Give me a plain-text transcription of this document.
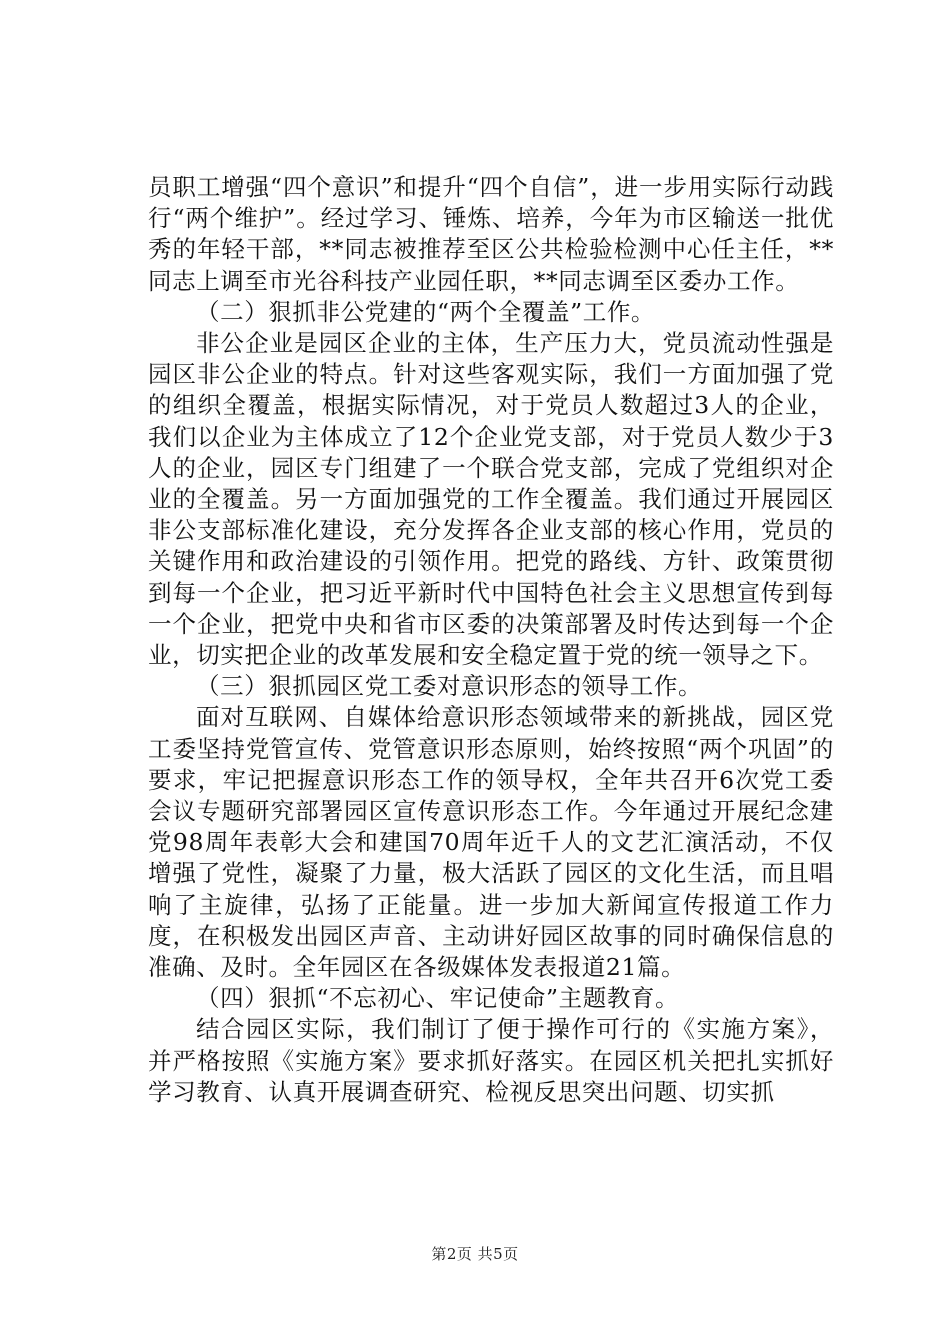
员职工增强“四个意识”和提升“四个自信”，进一步用实际行动践行“两个维护”。经过学习、锤炼、培养，今年为市区输送一批优秀的年轻干部，**同志被推荐至区公共检验检测中心任主任，**同志上调至市光谷科技产业园任职，**同志调至区委办工作。

（二）狠抓非公党建的“两个全覆盖”工作。

非公企业是园区企业的主体，生产压力大，党员流动性强是园区非公企业的特点。针对这些客观实际，我们一方面加强了党的组织全覆盖，根据实际情况，对于党员人数超过3人的企业，我们以企业为主体成立了12个企业党支部，对于党员人数少于3人的企业，园区专门组建了一个联合党支部，完成了党组织对企业的全覆盖。另一方面加强党的工作全覆盖。我们通过开展园区非公支部标准化建设，充分发挥各企业支部的核心作用，党员的关键作用和政治建设的引领作用。把党的路线、方针、政策贯彻到每一个企业，把习近平新时代中国特色社会主义思想宣传到每一个企业，把党中央和省市区委的决策部署及时传达到每一个企业，切实把企业的改革发展和安全稳定置于党的统一领导之下。

（三）狠抓园区党工委对意识形态的领导工作。

面对互联网、自媒体给意识形态领域带来的新挑战，园区党工委坚持党管宣传、党管意识形态原则，始终按照“两个巩固”的要求，牢记把握意识形态工作的领导权，全年共召开6次党工委会议专题研究部署园区宣传意识形态工作。今年通过开展纪念建党98周年表彰大会和建国70周年近千人的文艺汇演活动，不仅增强了党性，凝聚了力量，极大活跃了园区的文化生活，而且唱响了主旋律，弘扬了正能量。进一步加大新闻宣传报道工作力度，在积极发出园区声音、主动讲好园区故事的同时确保信息的准确、及时。全年园区在各级媒体发表报道21篇。

（四）狠抓“不忘初心、牢记使命”主题教育。

结合园区实际，我们制订了便于操作可行的《实施方案》，并严格按照《实施方案》要求抓好落实。在园区机关把扎实抓好学习教育、认真开展调查研究、检视反思突出问题、切实抓

第2页 共5页
